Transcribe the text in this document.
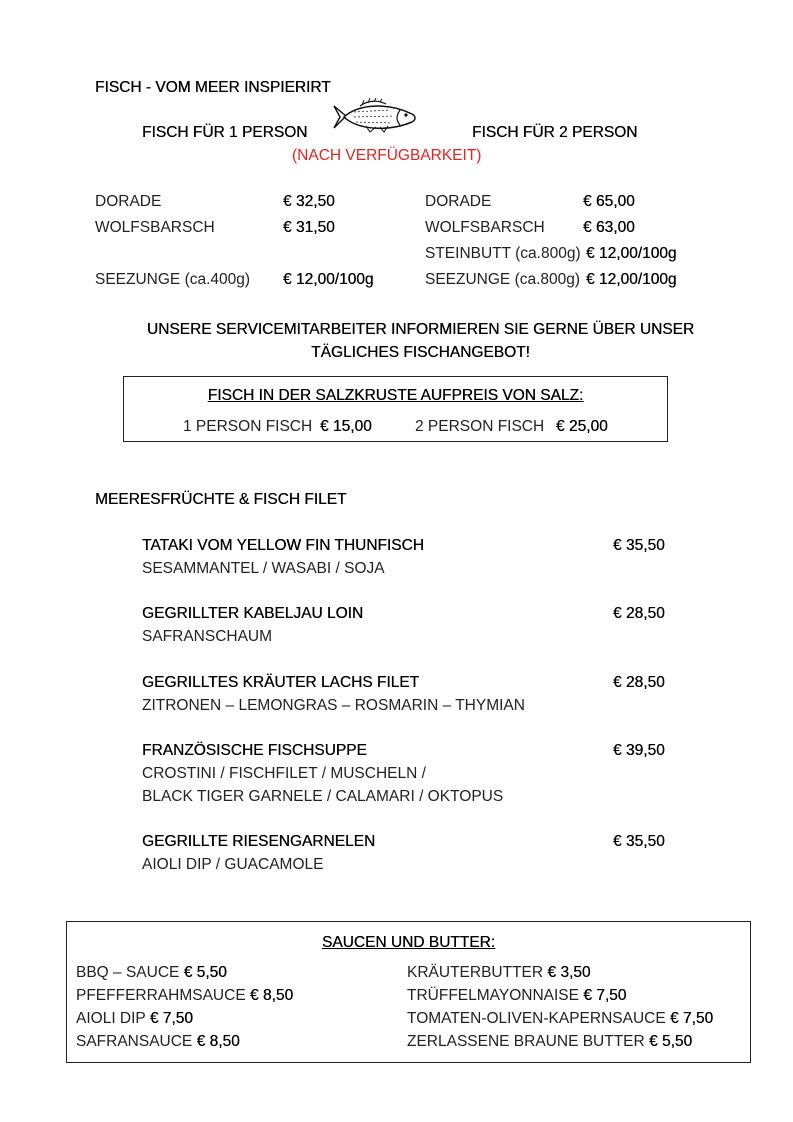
FISCH - VOM MEER INSPIERIRT
FISCH FÜR 1 PERSON	FISCH FÜR 2 PERSON
(NACH VERFÜGBARKEIT)
DORADE	€ 32,50
WOLFSBARSCH	€ 31,50
SEEZUNGE (ca.400g) € 12,00/100g
DORADE	€ 65,00
WOLFSBARSCH € 63,00
STEINBUTT (ca.800g) € 12,00/100g
SEEZUNGE (ca.800g) € 12,00/100g
UNSERE SERVICEMITARBEITER INFORMIEREN SIE GERNE ÜBER UNSER
TÄGLICHES FISCHANGEBOT!
FISCH IN DER SALZKRUSTE AUFPREIS VON SALZ:
1 PERSON FISCH € 15,00	2 PERSON FISCH € 25,00
MEERESFRÜCHTE & FISCH FILET
TATAKI VOM YELLOW FIN THUNFISCH	€ 35,50
SESAMMANTEL / WASABI / SOJA
GEGRILLTER KABELJAU LOIN	€ 28,50
SAFRANSCHAUM
GEGRILLTES KRÄUTER LACHS FILET	€ 28,50
ZITRONEN – LEMONGRAS – ROSMARIN – THYMIAN
FRANZÖSISCHE FISCHSUPPE	€ 39,50
CROSTINI / FISCHFILET / MUSCHELN /
BLACK TIGER GARNELE / CALAMARI / OKTOPUS
GEGRILLTE RIESENGARNELEN	€ 35,50
AIOLI DIP / GUACAMOLE
SAUCEN UND BUTTER:
BBQ – SAUCE € 5,50
PFEFFERRAHMSAUCE € 8,50
AIOLI DIP € 7,50
SAFRANSAUCE € 8,50
KRÄUTERBUTTER € 3,50
TRÜFFELMAYONNAISE € 7,50
TOMATEN-OLIVEN-KAPERNSAUCE € 7,50
ZERLASSENE BRAUNE BUTTER € 5,50
